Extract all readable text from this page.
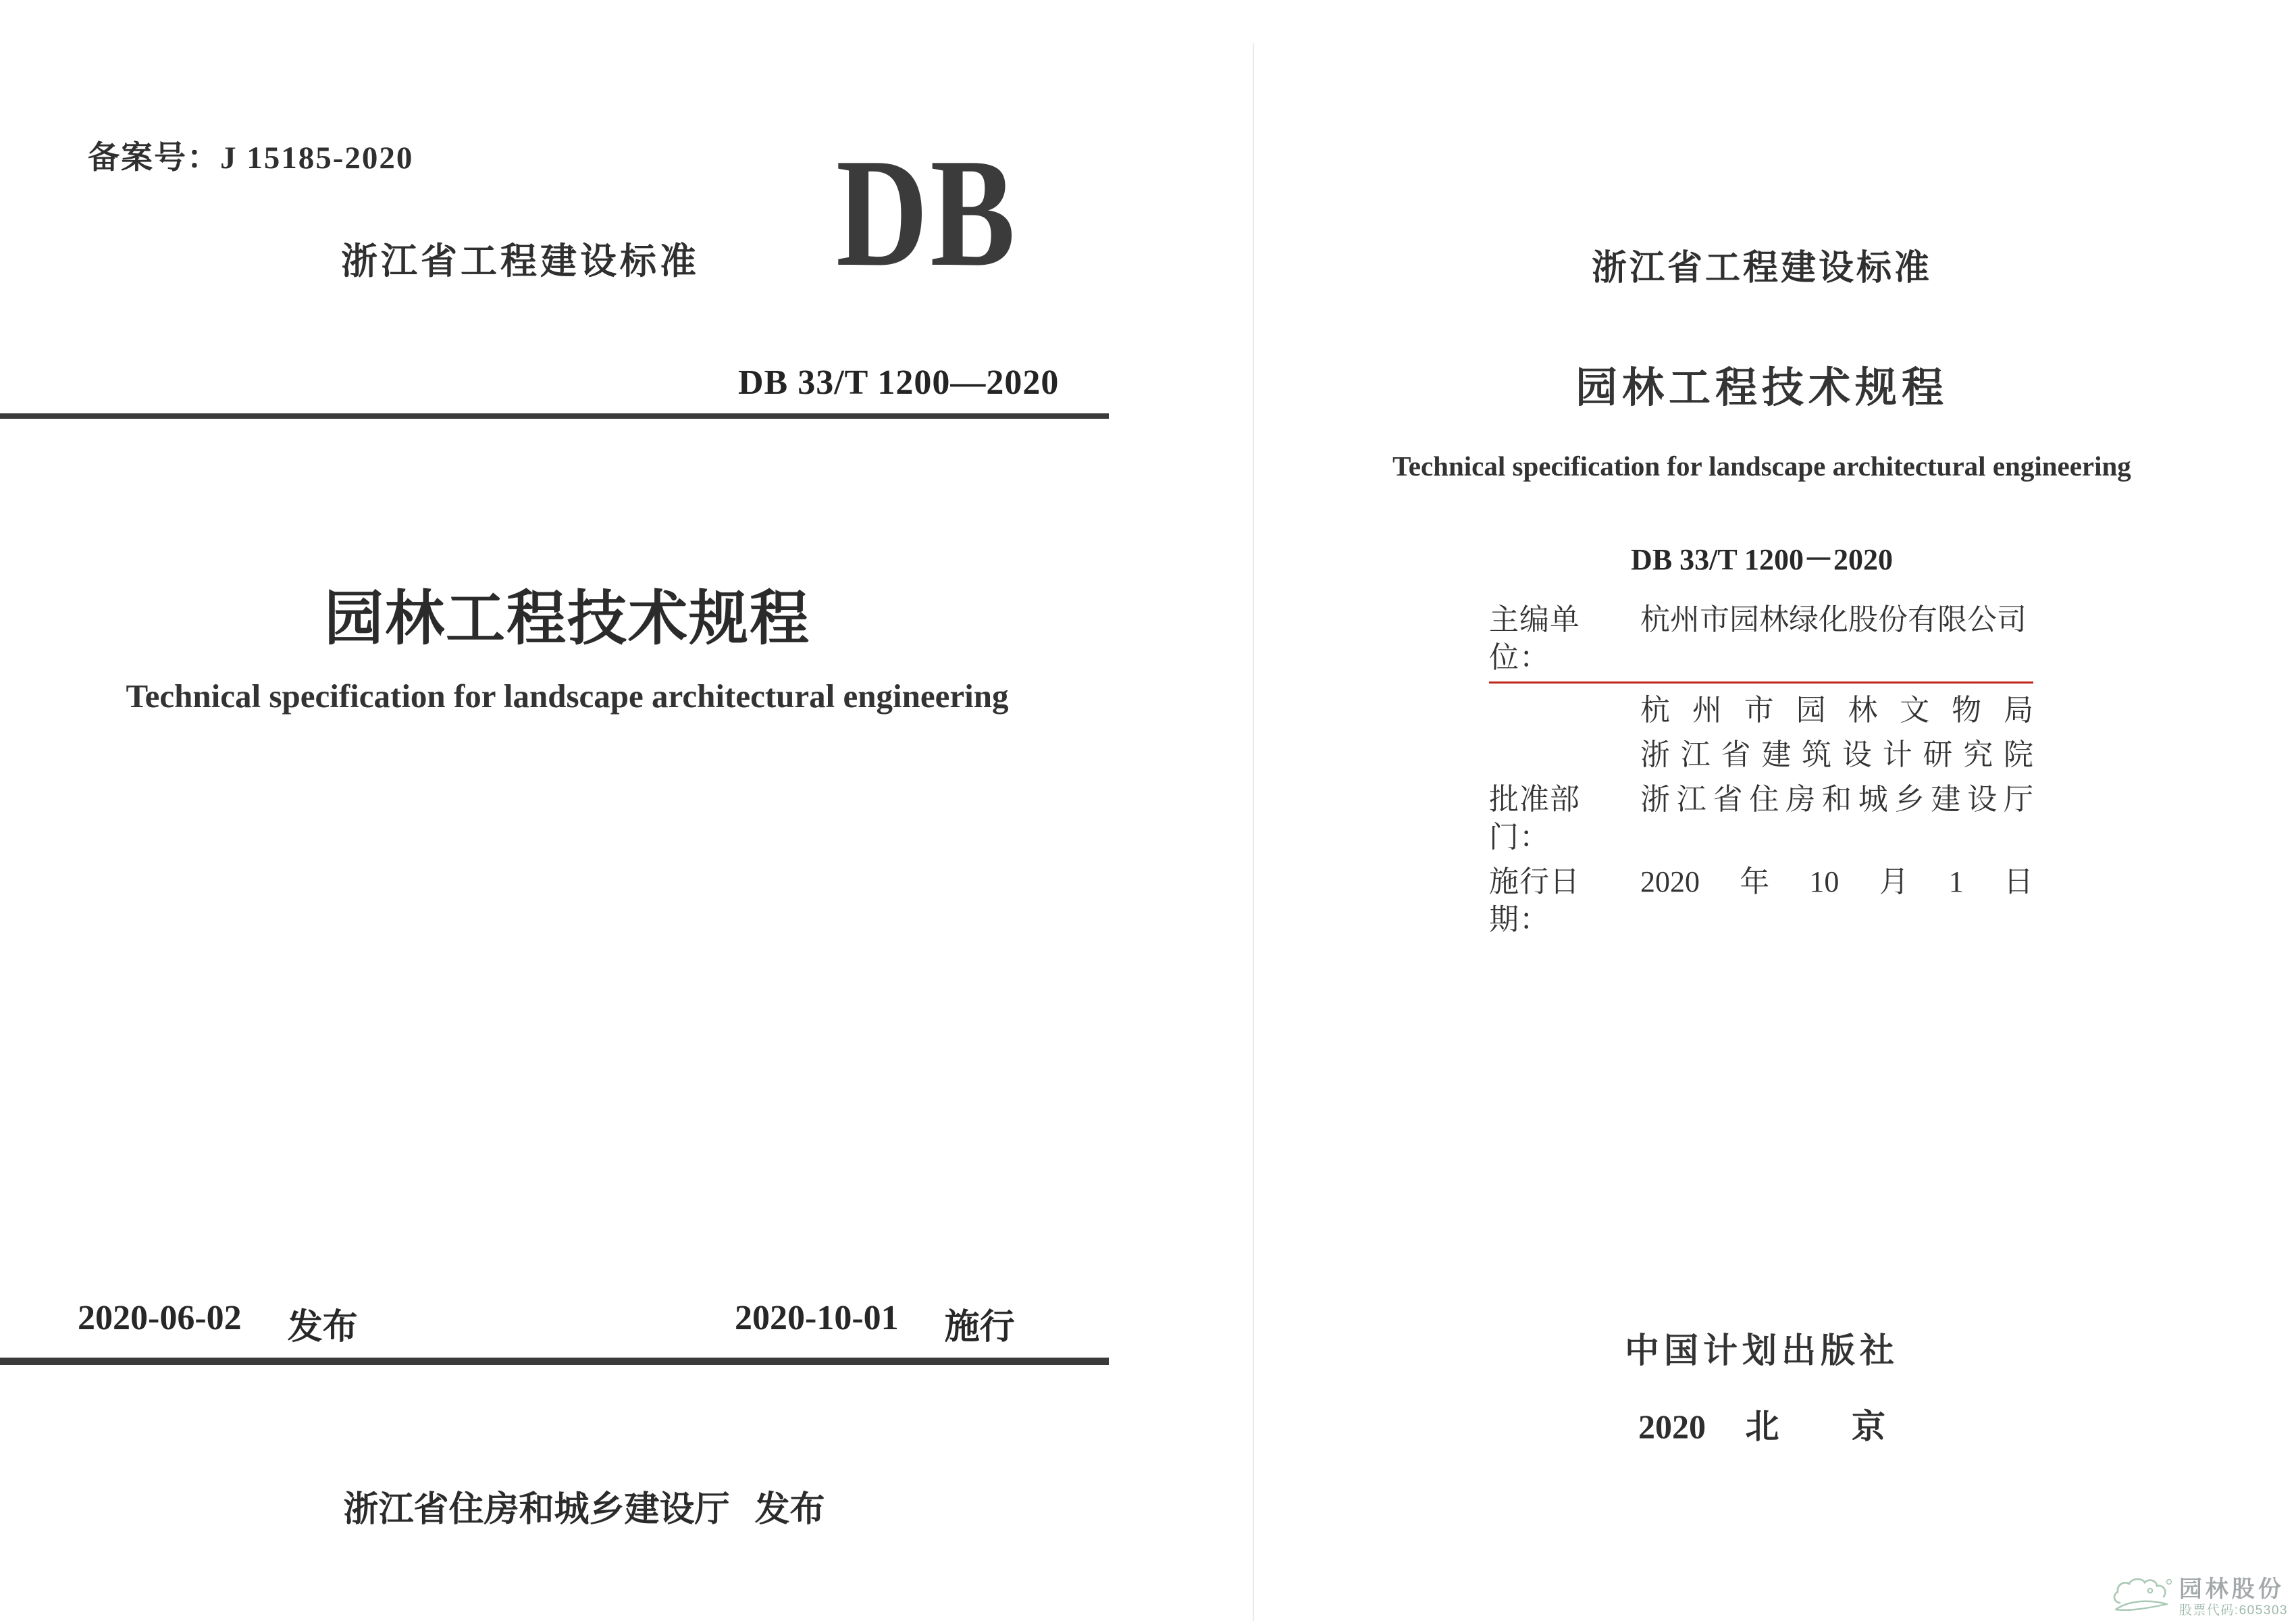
备案号：J 15185-2020
浙江省工程建设标准 DB
DB 33/T 1200—2020
园林工程技术规程
Technical specification for landscape architectural engineering
2020-06-02 发布	2020-10-01 施行
浙江省住房和城乡建设厅 发布
浙江省工程建设标准
园林工程技术规程
Technical specification for landscape architectural engineering
DB 33/T 1200－2020
主编单位：
杭州市园林绿化股份有限公司
杭州市园林文物局
浙江省建筑设计研究院
批准部门：
浙江省住房和城乡建设厅
施行日期：
2020年10月1日
中国计划出版社
2020 北 京
园林股份
股票代码:605303
